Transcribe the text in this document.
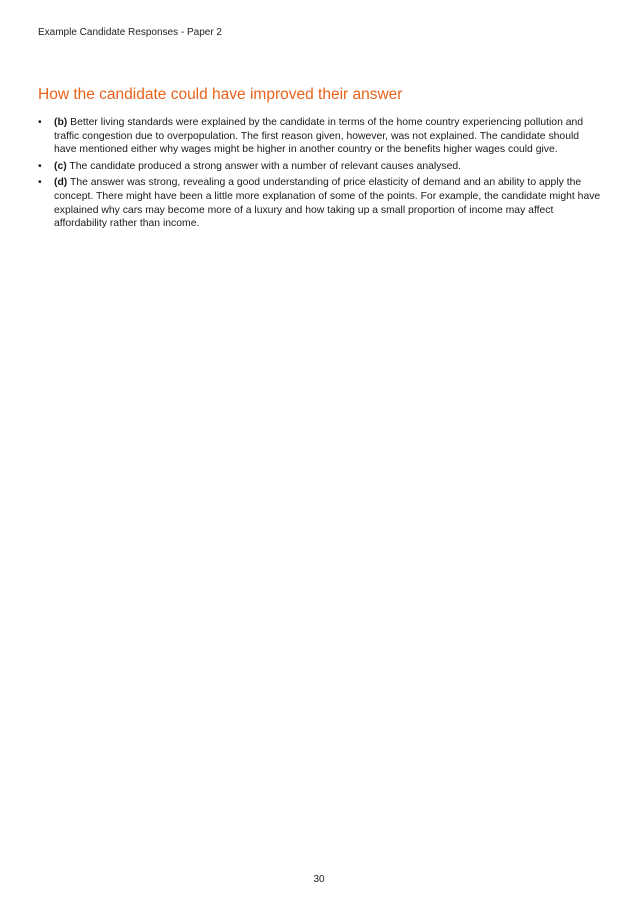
Example Candidate Responses - Paper 2
How the candidate could have improved their answer
• (b) Better living standards were explained by the candidate in terms of the home country experiencing pollution and traffic congestion due to overpopulation. The first reason given, however, was not explained. The candidate should have mentioned either why wages might be higher in another country or the benefits higher wages could give.
• (c) The candidate produced a strong answer with a number of relevant causes analysed.
• (d) The answer was strong, revealing a good understanding of price elasticity of demand and an ability to apply the concept. There might have been a little more explanation of some of the points. For example, the candidate might have explained why cars may become more of a luxury and how taking up a small proportion of income may affect affordability rather than income.
30
